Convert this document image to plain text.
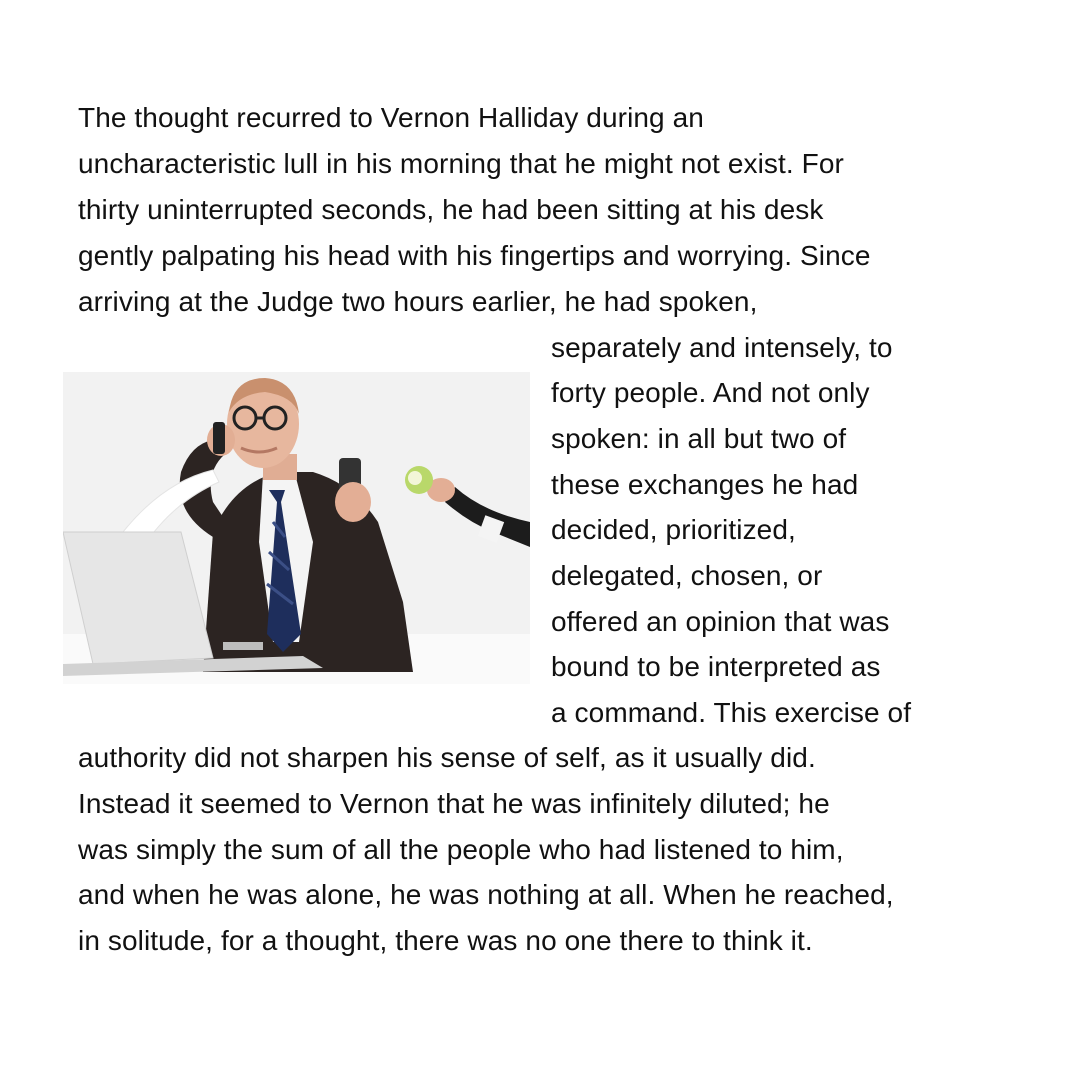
The thought recurred to Vernon Halliday during an
uncharacteristic lull in his morning that he might not exist. For
thirty uninterrupted seconds, he had been sitting at his desk
gently palpating his head with his fingertips and worrying. Since
arriving at the Judge two hours earlier, he had spoken,
separately and intensely, to
forty people. And not only
spoken: in all but two of
these exchanges he had
decided, prioritized,
delegated, chosen, or
offered an opinion that was
bound to be interpreted as
a command. This exercise of
authority did not sharpen his sense of self, as it usually did.
Instead it seemed to Vernon that he was infinitely diluted; he
was simply the sum of all the people who had listened to him,
and when he was alone, he was nothing at all. When he reached,
in solitude, for a thought, there was no one there to think it.
